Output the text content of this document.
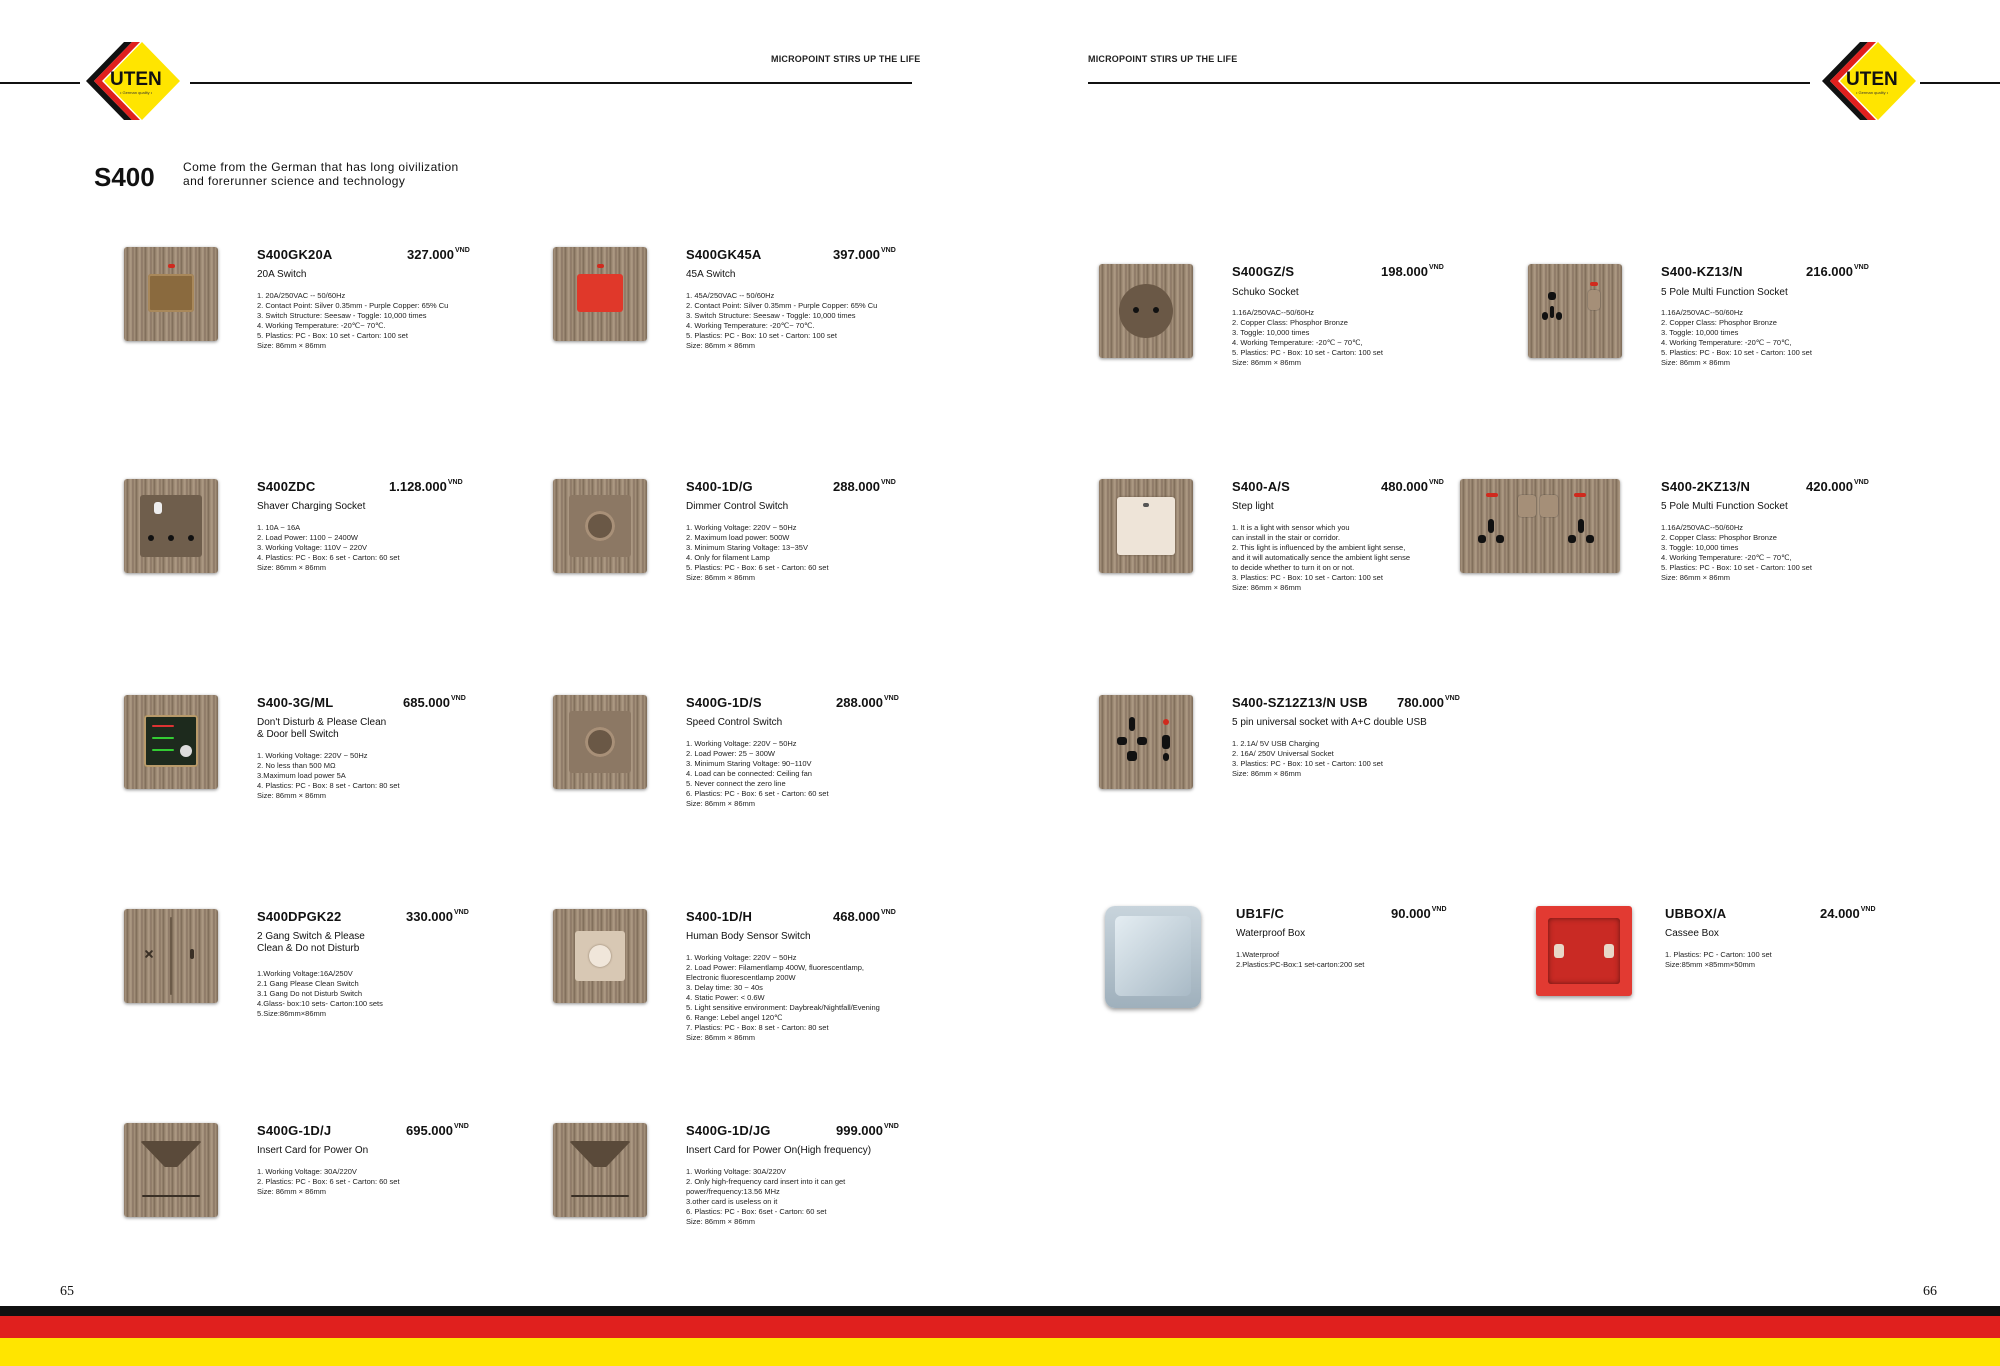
MICROPOINT STIRS UP THE LIFE	MICROPOINT STIRS UP THE LIFE
UTEN
• German quality •
UTEN
• German quality •
S400 Come from the German that has long oivilization
and forerunner science and technology
S400GK20A	$327.000^{VND}$
20A Switch
1. 20A/250VAC -- 50/60Hz
2. Contact Point: Silver 0.35mm - Purple Copper: 65% Cu
3. Switch Structure: Seesaw - Toggle: 10,000 times
4. Working Temperature: -20℃~ 70℃.
5. Plastics: PC - Box: 10 set - Carton: 100 set
Size: 86mm × 86mm
S400GK45A	$397.000^{VND}$
45A Switch
1. 45A/250VAC -- 50/60Hz
2. Contact Point: Silver 0.35mm - Purple Copper: 65% Cu
3. Switch Structure: Seesaw - Toggle: 10,000 times
4. Working Temperature: -20℃~ 70℃.
5. Plastics: PC - Box: 10 set - Carton: 100 set
Size: 86mm × 86mm
S400ZDC	$1.128.000^{VND}$
Shaver Charging Socket
1. 10A ~ 16A
2. Load Power: 1100 ~ 2400W
3. Working Voltage: 110V ~ 220V
4. Plastics: PC - Box: 6 set - Carton: 60 set
Size: 86mm × 86mm
S400-1D/G	$288.000^{VND}$
Dimmer Control Switch
1. Working Voltage: 220V ~ 50Hz
2. Maximum load power: 500W
3. Minimum Staring Voltage: 13~35V
4. Only for filament Lamp
5. Plastics: PC - Box: 6 set - Carton: 60 set
Size: 86mm × 86mm
S400-3G/ML	$685.000^{VND}$
Don't Disturb & Please Clean
& Door bell Switch
1. Working Voltage: 220V ~ 50Hz
2. No less than 500 MΩ
3.Maximum load power 5A
4. Plastics: PC - Box: 8 set - Carton: 80 set
Size: 86mm × 86mm
S400G-1D/S	$288.000^{VND}$
Speed Control Switch
1. Working Voltage: 220V ~ 50Hz
2. Load Power: 25 ~ 300W
3. Minimum Staring Voltage: 90~110V
4. Load can be connected: Ceiling fan
5. Never connect the zero line
6. Plastics: PC - Box: 6 set - Carton: 60 set
Size: 86mm × 86mm
S400DPGK22	$330.000^{VND}$
2 Gang Switch & Please
Clean & Do not Disturb
1.Working Voltage:16A/250V
2.1 Gang Please Clean Switch
3.1 Gang Do not Disturb Switch
4.Glass- box:10 sets- Carton:100 sets
5.Size:86mm×86mm
S400-1D/H	$468.000^{VND}$
Human Body Sensor Switch
1. Working Voltage: 220V ~ 50Hz
2. Load Power: Filamentlamp 400W, fluorescentlamp,
Electronic fluorescentlamp 200W
3. Delay time: 30 ~ 40s
4. Static Power: < 0.6W
5. Light sensitive environment: Daybreak/Nightfall/Evening
6. Range: Lebel angel 120℃
7. Plastics: PC - Box: 8 set - Carton: 80 set
Size: 86mm × 86mm
S400G-1D/J	$695.000^{VND}$
Insert Card for Power On
1. Working Voltage: 30A/220V
2. Plastics: PC - Box: 6 set - Carton: 60 set
Size: 86mm × 86mm
S400G-1D/JG	$999.000^{VND}$
Insert Card for Power On(High frequency)
1. Working Voltage: 30A/220V
2. Only high-frequency card insert into it can get
power/frequency:13.56 MHz
3.other card is useless on it
6. Plastics: PC - Box: 6set - Carton: 60 set
Size: 86mm × 86mm
S400GZ/S	$198.000^{VND}$
Schuko Socket
1.16A/250VAC--50/60Hz
2. Copper Class: Phosphor Bronze
3. Toggle: 10,000 times
4. Working Temperature: -20℃ ~ 70℃,
5. Plastics: PC - Box: 10 set - Carton: 100 set
Size: 86mm × 86mm
S400-KZ13/N	$216.000^{VND}$
5 Pole Multi Function Socket
1.16A/250VAC--50/60Hz
2. Copper Class: Phosphor Bronze
3. Toggle: 10,000 times
4. Working Temperature: -20℃ ~ 70℃,
5. Plastics: PC - Box: 10 set - Carton: 100 set
Size: 86mm × 86mm
S400-A/S	$480.000^{VND}$
Step light
1. It is a light with sensor which you
can install in the stair or corridor.
2. This light is influenced by the ambient light sense,
and it will automatically sence the ambient light sense
to decide whether to turn it on or not.
3. Plastics: PC - Box: 10 set - Carton: 100 set
Size: 86mm × 86mm
S400-2KZ13/N	$420.000^{VND}$
5 Pole Multi Function Socket
1.16A/250VAC--50/60Hz
2. Copper Class: Phosphor Bronze
3. Toggle: 10,000 times
4. Working Temperature: -20℃ ~ 70℃,
5. Plastics: PC - Box: 10 set - Carton: 100 set
Size: 86mm × 86mm
S400-SZ12Z13/N USB $780.000^{VND}$
5 pin universal socket with A+C double USB
1. 2.1A/ 5V USB Charging
2. 16A/ 250V Universal Socket
3. Plastics: PC - Box: 10 set - Carton: 100 set
Size: 86mm × 86mm
UB1F/C	$90.000^{VND}$
Waterproof Box
1.Waterproof
2.Plastics:PC-Box:1 set-carton:200 set
UBBOX/A	$24.000^{VND}$
Cassee Box
1. Plastics: PC - Carton: 100 set
Size:85mm ×85mm×50mm
65	66
